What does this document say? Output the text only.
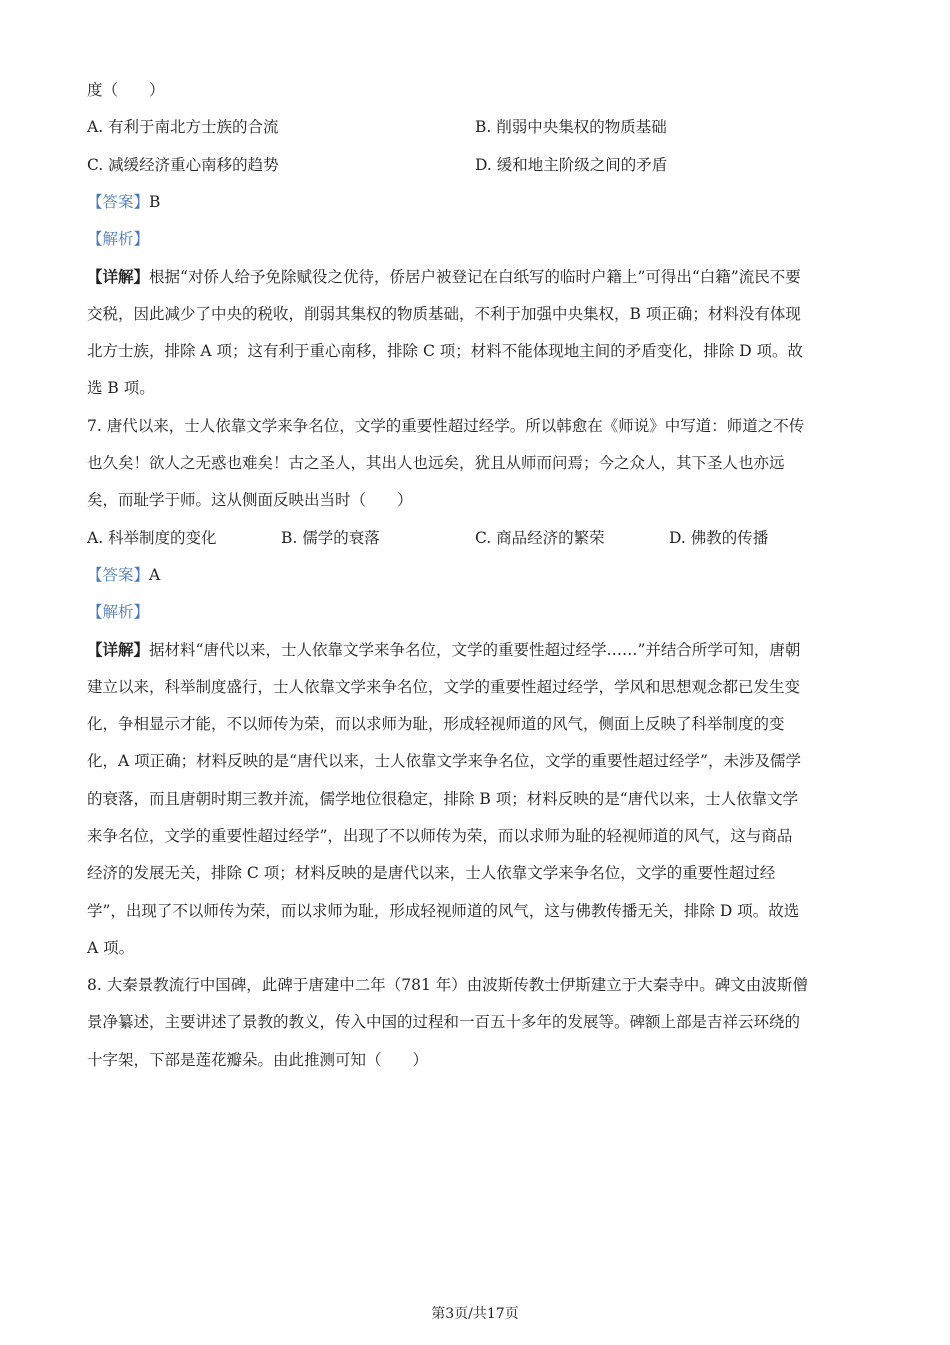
度（　　）
A. 有利于南北方士族的合流	B. 削弱中央集权的物质基础
C. 减缓经济重心南移的趋势	D. 缓和地主阶级之间的矛盾
【答案】B
【解析】
【详解】根据“对侨人给予免除赋役之优待，侨居户被登记在白纸写的临时户籍上”可得出“白籍”流民不要
交税，因此减少了中央的税收，削弱其集权的物质基础，不利于加强中央集权，B 项正确；材料没有体现
北方士族，排除 A 项；这有利于重心南移，排除 C 项；材料不能体现地主间的矛盾变化，排除 D 项。故
选 B 项。
7. 唐代以来，士人依靠文学来争名位，文学的重要性超过经学。所以韩愈在《师说》中写道：师道之不传
也久矣！欲人之无惑也难矣！古之圣人，其出人也远矣，犹且从师而问焉；今之众人，其下圣人也亦远
矣，而耻学于师。这从侧面反映出当时（　　）
A. 科举制度的变化	B. 儒学的衰落	C. 商品经济的繁荣	D. 佛教的传播
【答案】A
【解析】
【详解】据材料“唐代以来，士人依靠文学来争名位，文学的重要性超过经学……”并结合所学可知，唐朝
建立以来，科举制度盛行，士人依靠文学来争名位，文学的重要性超过经学，学风和思想观念都已发生变
化，争相显示才能，不以师传为荣，而以求师为耻，形成轻视师道的风气，侧面上反映了科举制度的变
化，A 项正确；材料反映的是“唐代以来，士人依靠文学来争名位，文学的重要性超过经学”，未涉及儒学
的衰落，而且唐朝时期三教并流，儒学地位很稳定，排除 B 项；材料反映的是“唐代以来，士人依靠文学
来争名位，文学的重要性超过经学”，出现了不以师传为荣，而以求师为耻的轻视师道的风气，这与商品
经济的发展无关，排除 C 项；材料反映的是唐代以来，士人依靠文学来争名位，文学的重要性超过经
学”，出现了不以师传为荣，而以求师为耻，形成轻视师道的风气，这与佛教传播无关，排除 D 项。故选
A 项。
8. 大秦景教流行中国碑，此碑于唐建中二年（781 年）由波斯传教士伊斯建立于大秦寺中。碑文由波斯僧
景净纂述，主要讲述了景教的教义，传入中国的过程和一百五十多年的发展等。碑额上部是吉祥云环绕的
十字架，下部是莲花瓣朵。由此推测可知（　　）
第3页/共17页
